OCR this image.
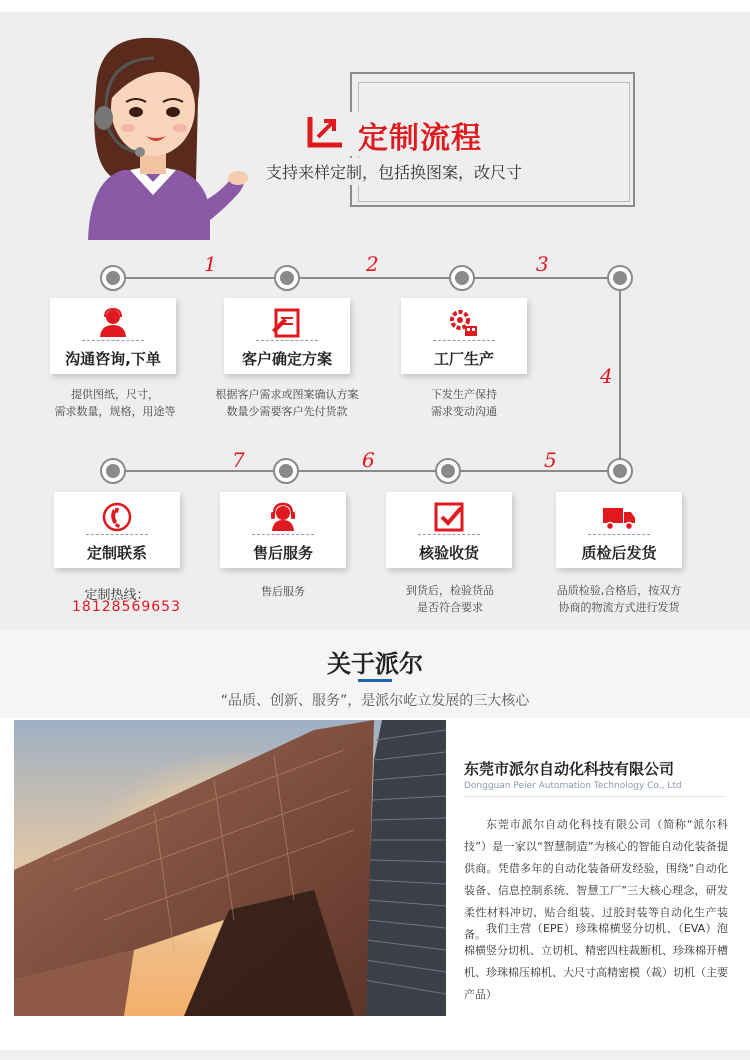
定制流程
支持来样定制，包括换图案，改尺寸
1	2	3
4
5
6
7
沟通咨询,下单
提供图纸，尺寸，
需求数量，规格，用途等
客户确定方案
根据客户需求或图案确认方案
数量少需要客户先付货款
工厂生产
下发生产保持
需求变动沟通
质检后发货
品质检验,合格后，按双方
协商的物流方式进行发货
核验收货
到货后，检验货品
是否符合要求
售后服务
售后服务
定制联系
定制热线：
18128569653
关于派尔
“品质、创新、服务”，是派尔屹立发展的三大核心
东莞市派尔自动化科技有限公司
Dongguan Peier Automation Technology Co., Ltd
东莞市派尔自动化科技有限公司（简称“派尔科技”）是一家以“智慧制造”为核心的智能自动化装备提供商。凭借多年的自动化装备研发经验，围绕“自动化装备、信息控制系统、智慧工厂”三大核心理念，研发柔性材料冲切、贴合组装、过胶封装等自动化生产装备。 我们主营（EPE）珍珠棉横竖分切机、（EVA）泡棉横竖分切机、立切机、精密四柱裁断机、珍珠棉开槽机、珍珠棉压棉机、大尺寸高精密模（裁）切机（主要产品）
